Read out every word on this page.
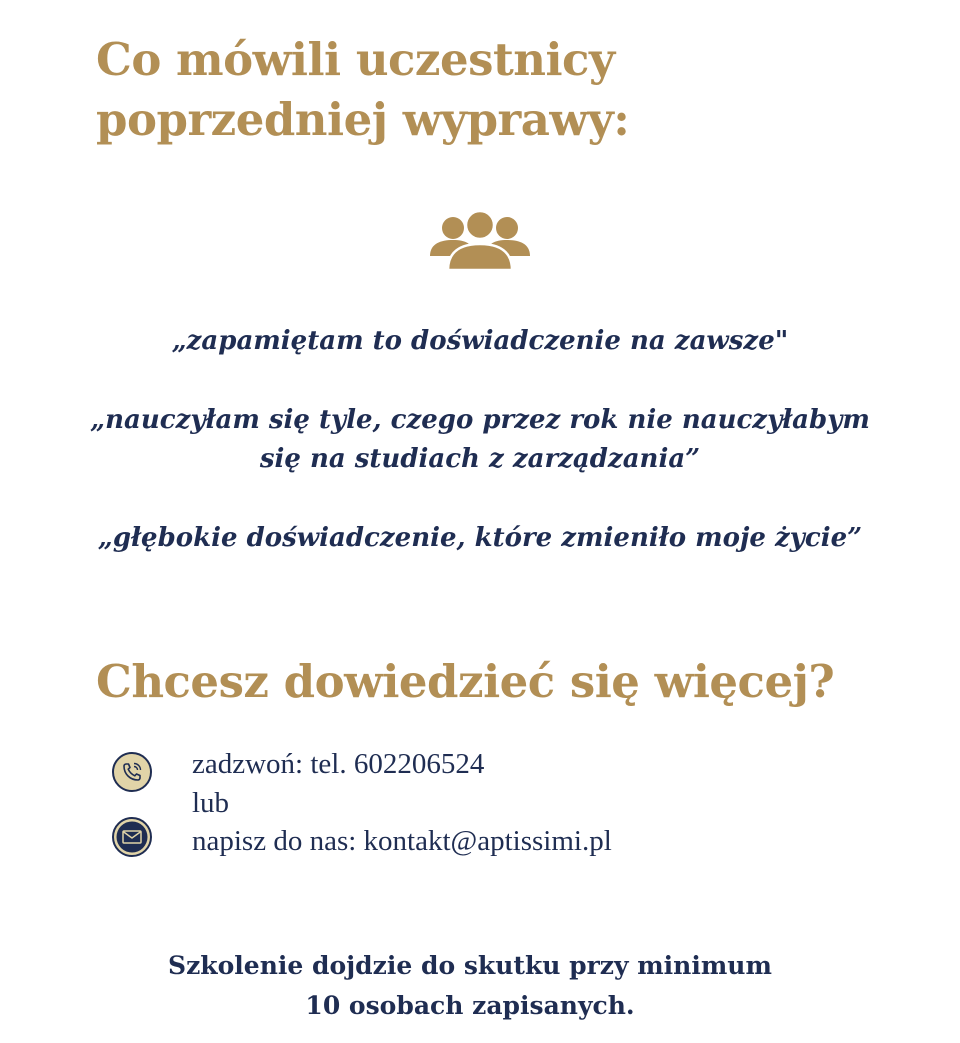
Co mówili uczestnicy poprzedniej wyprawy:

„zapamiętam to doświadczenie na zawsze"

„nauczyłam się tyle, czego przez rok nie nauczyłabym się na studiach z zarządzania”

„głębokie doświadczenie, które zmieniło moje życie”

Chcesz dowiedzieć się więcej?
zadzwoń: tel. 602206524
lub
napisz do nas: kontakt@aptissimi.pl
Szkolenie dojdzie do skutku przy minimum
10 osobach zapisanych.
